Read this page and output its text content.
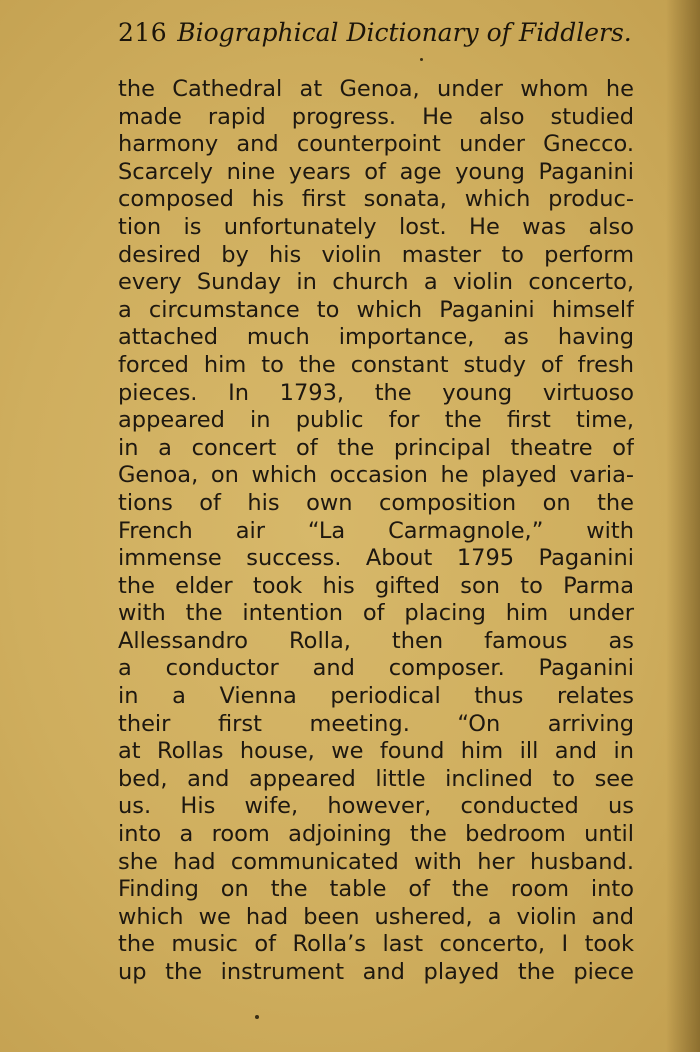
216 Biographical Dictionary of Fiddlers.
the Cathedral at Genoa, under whom he
made rapid progress. He also studied
harmony and counterpoint under Gnecco.
Scarcely nine years of age young Paganini
composed his first sonata, which produc-
tion is unfortunately lost. He was also
desired by his violin master to perform
every Sunday in church a violin concerto,
a circumstance to which Paganini himself
attached much importance, as having
forced him to the constant study of fresh
pieces. In 1793, the young virtuoso
appeared in public for the first time,
in a concert of the principal theatre of
Genoa, on which occasion he played varia-
tions of his own composition on the
French air “La Carmagnole,” with
immense success. About 1795 Paganini
the elder took his gifted son to Parma
with the intention of placing him under
Allessandro Rolla, then famous as
a conductor and composer. Paganini
in a Vienna periodical thus relates
their first meeting. “On arriving
at Rollas house, we found him ill and in
bed, and appeared little inclined to see
us. His wife, however, conducted us
into a room adjoining the bedroom until
she had communicated with her husband.
Finding on the table of the room into
which we had been ushered, a violin and
the music of Rolla’s last concerto, I took
up the instrument and played the piece
